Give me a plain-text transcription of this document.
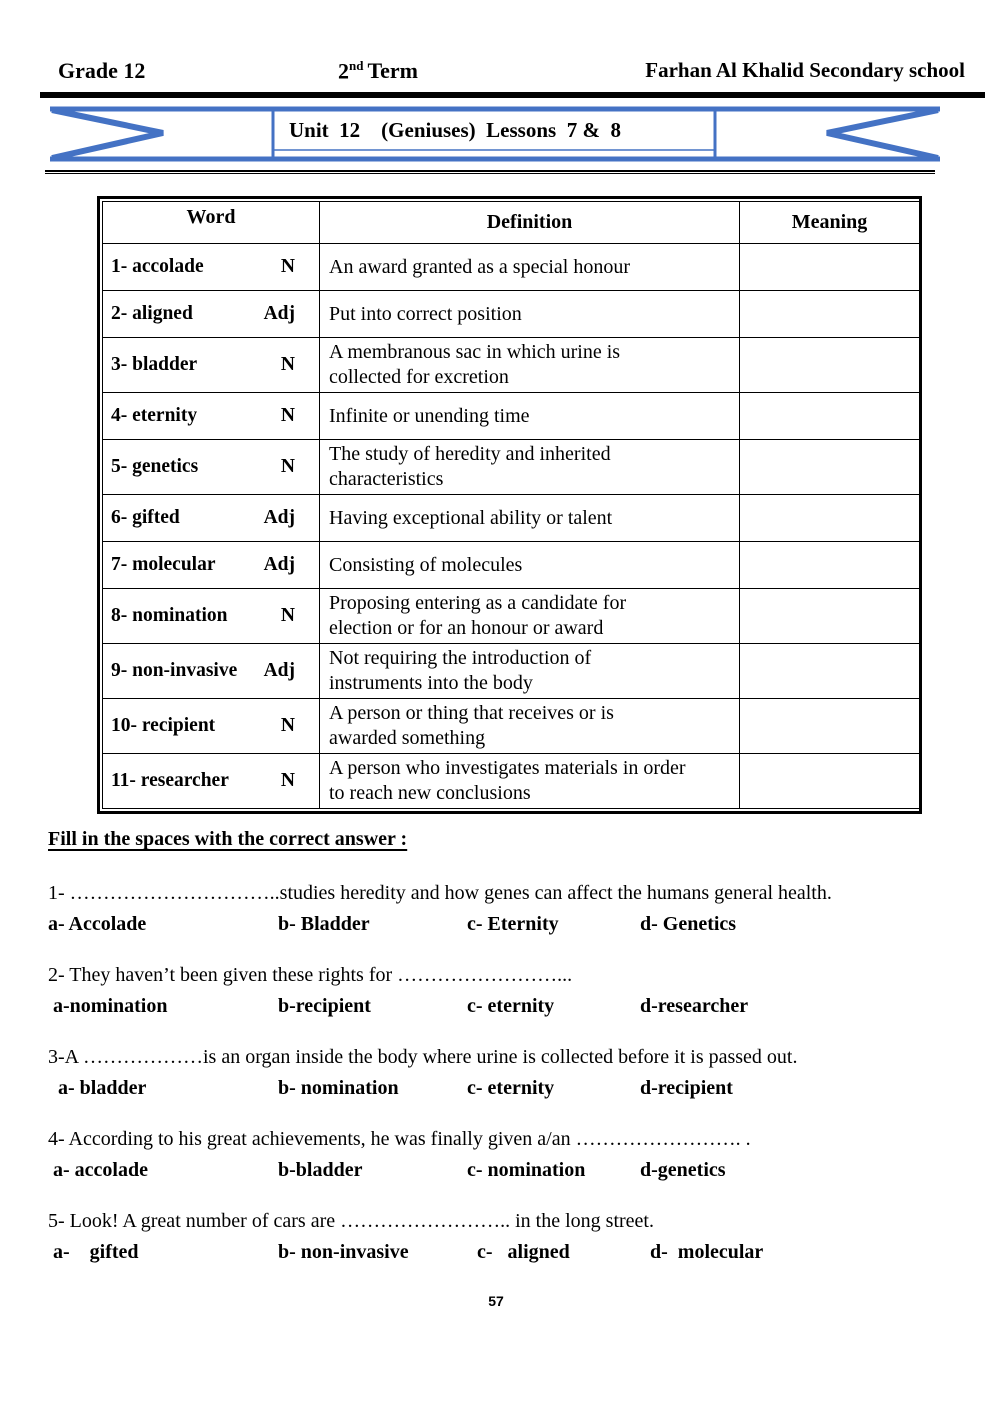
Grade 12	2nd Term	Farhan Al Khalid Secondary school
Unit  12    (Geniuses)  Lessons  7 &  8
Word	Definition	Meaning

1- accolade N	An award granted as a special honour	

2- aligned Adj	Put into correct position	

3- bladder N	A membranous sac in which urine is collected for excretion	

4- eternity N	Infinite or unending time	

5- genetics N	The study of heredity and inherited characteristics	

6- gifted Adj	Having exceptional ability or talent	

7- molecular Adj	Consisting of molecules	

8- nomination N	Proposing entering as a candidate for election or for an honour or award	

9- non-invasive Adj	Not requiring the introduction of instruments into the body	

10- recipient N	A person or thing that receives or is awarded something	

11- researcher N	A person who investigates materials in order to reach new conclusions	
Fill in the spaces with the correct answer :
1- …………………………..studies heredity and how genes can affect the humans general health.
a- Accolade	b- Bladder	c- Eternity	d- Genetics
2- They haven’t been given these rights for ……………………...
a-nomination	b-recipient	c- eternity	d-researcher
3-A ………………is an organ inside the body where urine is collected before it is passed out.
a- bladder	b- nomination	c- eternity	d-recipient
4- According to his great achievements, he was finally given a/an ……………………. .
a- accolade	b-bladder	c- nomination	d-genetics
5- Look! A great number of cars are …………………….. in the long street.
a-    gifted	b- non-invasive	c-   aligned	d-  molecular
57
